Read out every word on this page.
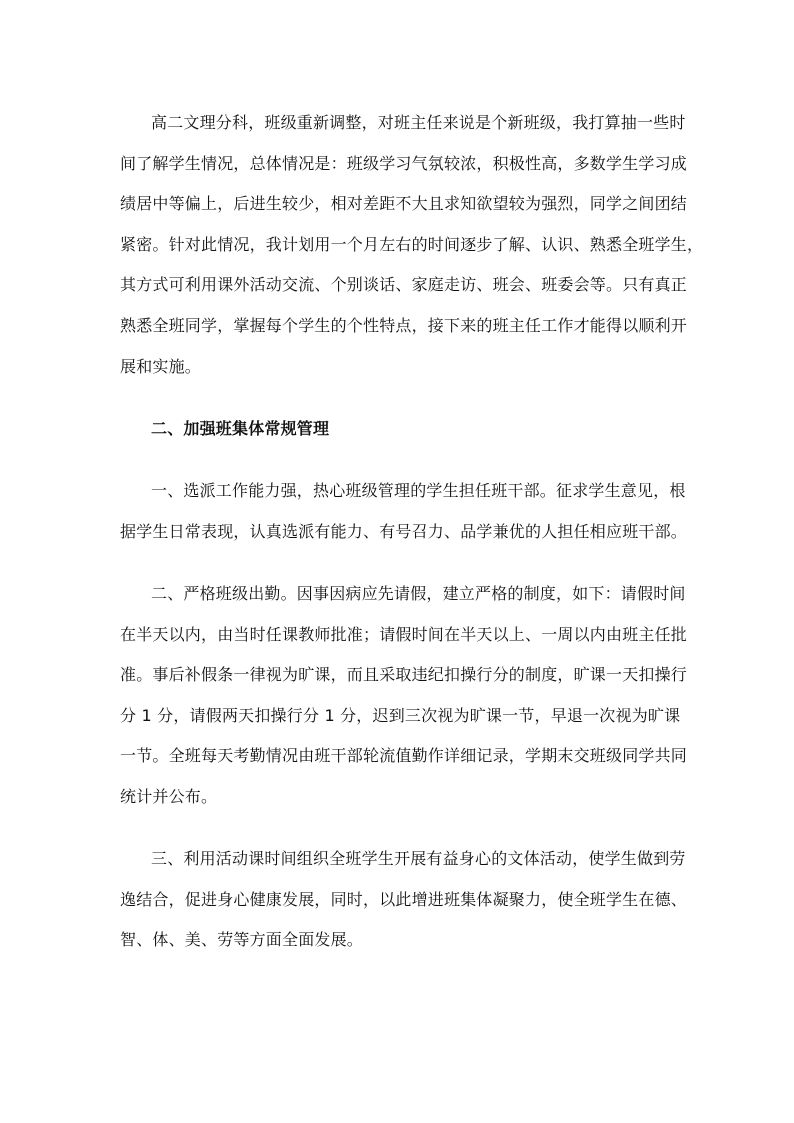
高二文理分科，班级重新调整，对班主任来说是个新班级，我打算抽一些时

间了解学生情况，总体情况是：班级学习气氛较浓，积极性高，多数学生学习成

绩居中等偏上，后进生较少，相对差距不大且求知欲望较为强烈，同学之间团结

紧密。针对此情况，我计划用一个月左右的时间逐步了解、认识、熟悉全班学生，

其方式可利用课外活动交流、个别谈话、家庭走访、班会、班委会等。只有真正

熟悉全班同学，掌握每个学生的个性特点，接下来的班主任工作才能得以顺利开

展和实施。

二、加强班集体常规管理

一、选派工作能力强，热心班级管理的学生担任班干部。征求学生意见，根

据学生日常表现，认真选派有能力、有号召力、品学兼优的人担任相应班干部。

二、严格班级出勤。因事因病应先请假，建立严格的制度，如下：请假时间

在半天以内，由当时任课教师批准；请假时间在半天以上、一周以内由班主任批

准。事后补假条一律视为旷课，而且采取违纪扣操行分的制度，旷课一天扣操行

分 1 分，请假两天扣操行分 1 分，迟到三次视为旷课一节，早退一次视为旷课

一节。全班每天考勤情况由班干部轮流值勤作详细记录，学期末交班级同学共同

统计并公布。

三、利用活动课时间组织全班学生开展有益身心的文体活动，使学生做到劳

逸结合，促进身心健康发展，同时，以此增进班集体凝聚力，使全班学生在德、

智、体、美、劳等方面全面发展。
